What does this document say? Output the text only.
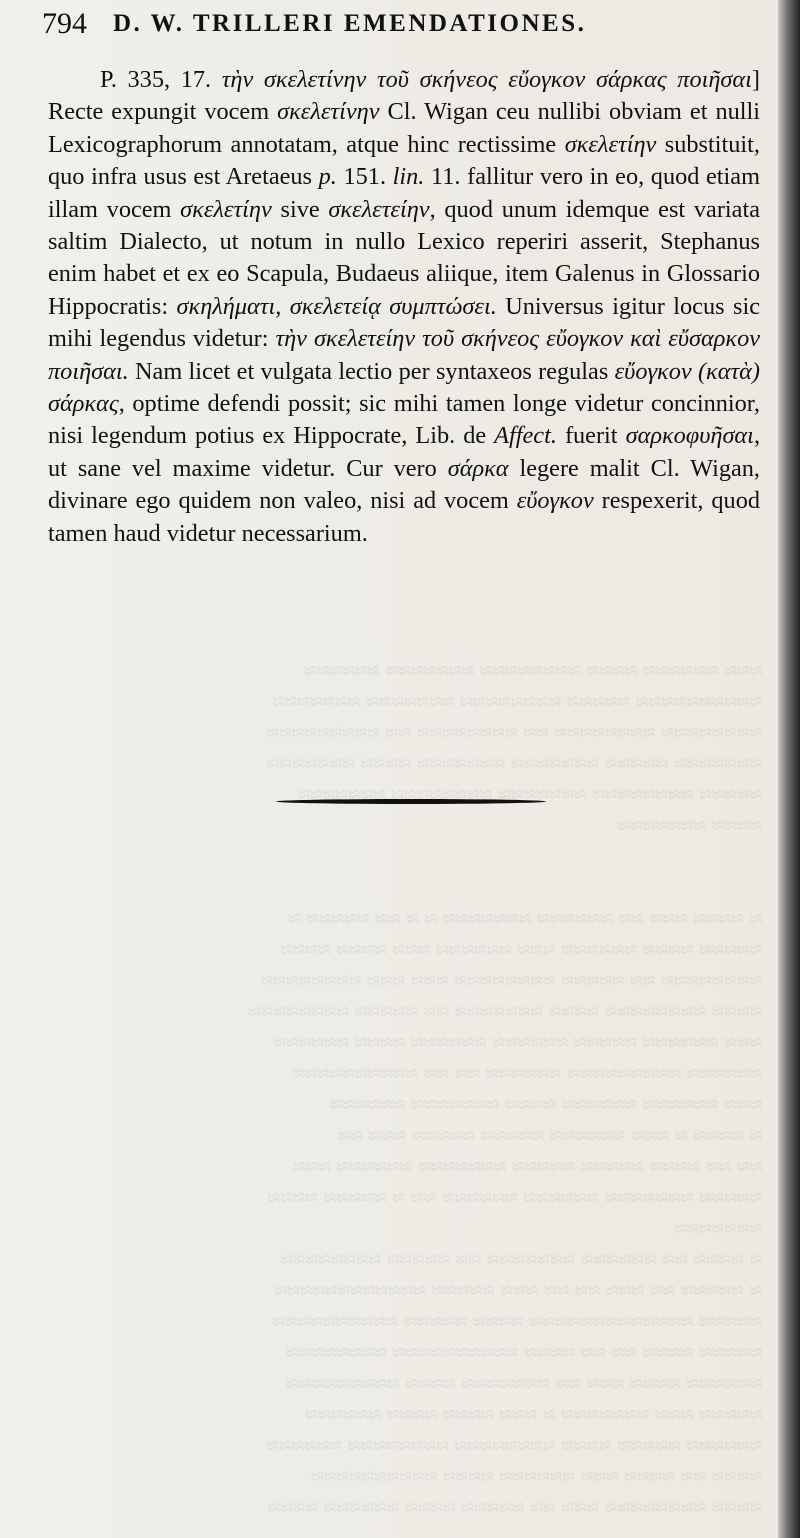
794 D. W. TRILLERI EMENDATIONES.

P. 335, 17. τὴν σκελετίνην τοῦ σκήνεος εὔογκον σάρκας ποιῆσαι] Recte expungit vocem σκελετίνην Cl. Wigan ceu nullibi obviam et nulli Lexicographorum annotatam, atque hinc rectissime σκελετίην substituit, quo infra usus est Aretaeus p. 151. lin. 11. fallitur vero in eo, quod etiam illam vocem σκελετίην sive σκελετείην, quod unum idemque est variata saltim Dialecto, ut notum in nullo Lexico reperiri asserit, Stephanus enim habet et ex eo Scapula, Budaeus aliique, item Galenus in Glossario Hippocratis: σκηλήματι, σκελετείᾳ συμπτώσει. Universus igitur locus sic mihi legendus videtur: τὴν σκελετείην τοῦ σκήνεος εὔογκον καὶ εὔσαρκον ποιῆσαι. Nam licet et vulgata lectio per syntaxeos regulas εὔογκον (κατὰ) σάρκας, optime defendi possit; sic mihi tamen longe videtur concinnior, nisi legendum potius ex Hippocrate, Lib. de Affect. fuerit σαρκοφυῆσαι, ut sane vel maxime videtur. Cur vero σάρκα legere malit Cl. Wigan, divinare ego quidem non valeo, nisi ad vocem εὔογκον respexerit, quod tamen haud videtur necessarium.

≈≈≈ ≈≈≈≈≈≈ ≈≈≈≈ ≈≈≈≈≈≈≈≈ ≈≈≈≈≈≈≈ ≈≈≈≈≈≈
≈≈≈≈≈≈≈≈≈≈ ≈≈≈≈≈ ≈≈≈≈≈≈≈≈ ≈≈≈≈≈≈≈ ≈≈≈≈≈≈≈
≈≈≈≈≈≈≈≈ ≈≈≈≈≈≈≈≈ ≈≈ ≈≈≈≈≈≈≈≈ ≈≈ ≈≈≈≈≈≈≈≈≈
≈≈≈≈≈≈≈ ≈≈≈≈≈ ≈≈≈≈≈≈≈ ≈≈≈≈≈≈≈ ≈≈≈≈ ≈≈≈≈≈≈≈
≈≈≈≈≈ ≈≈≈≈≈≈≈≈ ≈≈≈≈≈≈≈ ≈≈≈≈≈≈≈≈ ≈≈≈≈≈≈≈
≈≈≈≈ ≈≈≈≈≈≈≈

≈ ≈≈≈≈ ≈≈≈ ≈≈ ≈≈≈≈≈≈ ≈≈≈≈≈≈≈ ≈ ≈ ≈≈ ≈≈≈≈≈ ≈
≈≈≈≈≈ ≈≈≈≈ ≈≈≈≈≈≈ ≈≈≈ ≈≈≈≈≈≈ ≈≈≈ ≈≈≈≈ ≈≈≈≈
≈≈≈≈≈≈≈≈ ≈≈ ≈≈≈≈≈ ≈≈≈≈≈≈≈≈ ≈≈≈ ≈≈≈ ≈≈≈≈≈≈≈≈
≈≈≈≈ ≈≈≈≈≈≈≈≈ ≈≈≈≈ ≈≈≈≈≈≈≈ ≈≈ ≈≈≈≈≈ ≈≈≈≈≈≈≈≈
≈≈≈ ≈≈≈≈≈≈ ≈≈≈≈≈ ≈≈≈≈≈≈ ≈≈≈≈≈≈ ≈≈≈≈ ≈≈≈≈≈≈
≈≈≈≈≈≈ ≈≈≈≈≈≈≈≈≈ ≈≈≈≈≈≈ ≈≈ ≈≈ ≈≈≈≈≈≈≈≈≈≈
≈≈≈ ≈≈≈≈≈≈ ≈≈≈≈≈≈ ≈≈≈≈ ≈≈≈≈≈≈≈ ≈≈≈≈≈≈
≈ ≈≈≈≈ ≈ ≈≈≈ ≈≈≈≈≈≈ ≈≈≈≈≈ ≈≈≈≈≈ ≈≈≈ ≈≈
≈≈ ≈≈ ≈≈≈≈ ≈≈≈≈≈ ≈≈≈≈≈ ≈≈≈≈≈≈≈ ≈≈≈≈≈≈ ≈≈≈
≈≈≈≈≈ ≈≈≈≈≈≈≈ ≈≈≈≈≈≈ ≈≈≈≈≈≈ ≈≈ ≈ ≈≈≈≈≈ ≈≈≈≈
≈≈≈≈≈≈≈
≈ ≈≈≈≈ ≈≈ ≈≈≈≈≈≈ ≈≈≈≈≈≈≈ ≈≈ ≈≈≈≈≈ ≈≈≈≈≈≈≈≈
≈ ≈≈≈≈≈ ≈≈ ≈≈≈ ≈≈ ≈≈ ≈≈≈ ≈≈≈≈≈ ≈≈≈≈≈≈≈≈≈≈≈≈
≈≈≈≈≈ ≈≈≈≈≈≈≈≈≈≈≈≈≈ ≈≈≈≈ ≈≈≈≈≈ ≈≈≈≈≈≈≈≈≈≈
≈≈≈≈≈ ≈≈≈≈ ≈≈ ≈≈ ≈≈≈≈ ≈≈≈≈≈≈≈≈≈≈ ≈≈≈≈≈≈≈≈
≈≈≈≈≈≈ ≈≈≈≈ ≈≈≈ ≈≈ ≈≈≈≈≈≈≈ ≈≈≈≈ ≈≈≈≈≈≈≈≈≈
≈≈≈≈≈ ≈≈≈ ≈≈≈≈≈≈≈ ≈ ≈≈≈ ≈≈≈≈ ≈≈≈≈ ≈≈≈≈≈≈
≈≈≈≈≈≈ ≈≈≈≈≈ ≈≈≈≈ ≈≈≈≈≈≈≈≈ ≈≈≈≈≈≈≈≈ ≈≈≈≈≈≈
≈≈≈≈ ≈≈ ≈≈≈≈ ≈≈≈ ≈≈≈≈≈≈ ≈≈≈≈ ≈≈≈≈≈≈≈≈≈≈
≈≈≈≈ ≈≈≈≈≈≈≈≈ ≈≈≈ ≈≈ ≈≈≈≈≈ ≈≈≈≈ ≈≈≈≈≈≈ ≈≈≈≈
